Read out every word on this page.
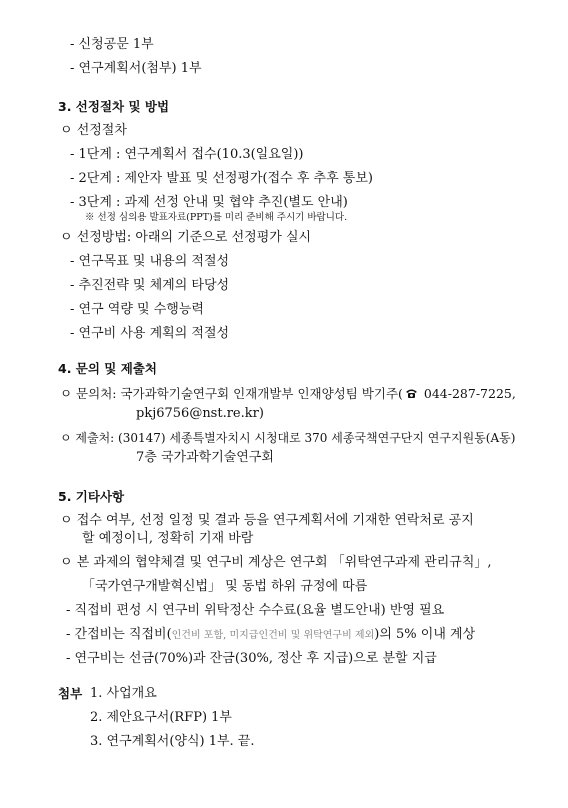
- 신청공문 1부
- 연구계획서(첨부) 1부
3. 선정절차 및 방법
ㅇ 선정절차
- 1단계 : 연구계획서 접수(10.3(일요일))
- 2단계 : 제안자 발표 및 선정평가(접수 후 추후 통보)
- 3단계 : 과제 선정 안내 및 협약 추진(별도 안내)
※ 선정 심의용 발표자료(PPT)를 미리 준비해 주시기 바랍니다.
ㅇ 선정방법: 아래의 기준으로 선정평가 실시
- 연구목표 및 내용의 적절성
- 추진전략 및 체계의 타당성
- 연구 역량 및 수행능력
- 연구비 사용 계획의 적절성
4. 문의 및 제출처
ㅇ 문의처: 국가과학기술연구회 인재개발부 인재양성팀 박기주( 044-287-7225,
pkj6756@nst.re.kr)
ㅇ 제출처: (30147) 세종특별자치시 시청대로 370 세종국책연구단지 연구지원동(A동)
7층 국가과학기술연구회
5. 기타사항
ㅇ 접수 여부, 선정 일정 및 결과 등을 연구계획서에 기재한 연락처로 공지
할 예정이니, 정확히 기재 바람
ㅇ 본 과제의 협약체결 및 연구비 계상은 연구회 「위탁연구과제 관리규칙」,
「국가연구개발혁신법」 및 동법 하위 규정에 따름
- 직접비 편성 시 연구비 위탁정산 수수료(요율 별도안내) 반영 필요
- 간접비는 직접비(인건비 포함, 미지급인건비 및 위탁연구비 제외)의 5% 이내 계상
- 연구비는 선금(70%)과 잔금(30%, 정산 후 지급)으로 분할 지급
첨부 1. 사업개요
2. 제안요구서(RFP) 1부
3. 연구계획서(양식) 1부. 끝.
